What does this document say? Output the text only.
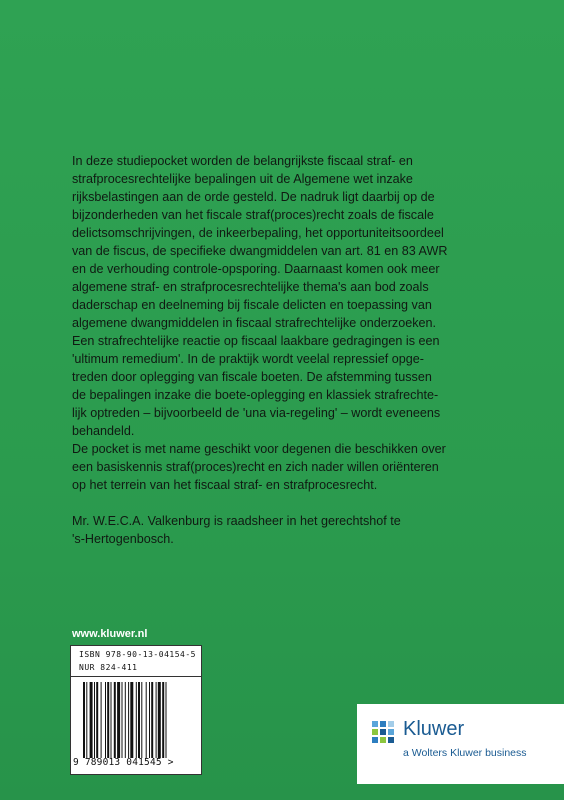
In deze studiepocket worden de belangrijkste fiscaal straf- en
strafprocesrechtelijke bepalingen uit de Algemene wet inzake
rijksbelastingen aan de orde gesteld. De nadruk ligt daarbij op de
bijzonderheden van het fiscale straf(proces)recht zoals de fiscale
delictsomschrijvingen, de inkeerbepaling, het opportuniteitsoordeel
van de fiscus, de specifieke dwangmiddelen van art. 81 en 83 AWR
en de verhouding controle-opsporing. Daarnaast komen ook meer
algemene straf- en strafprocesrechtelijke thema's aan bod zoals
daderschap en deelneming bij fiscale delicten en toepassing van
algemene dwangmiddelen in fiscaal strafrechtelijke onderzoeken.
Een strafrechtelijke reactie op fiscaal laakbare gedragingen is een
'ultimum remedium'. In de praktijk wordt veelal repressief opge-
treden door oplegging van fiscale boeten. De afstemming tussen
de bepalingen inzake die boete-oplegging en klassiek strafrechte-
lijk optreden – bijvoorbeeld de 'una via-regeling' – wordt eveneens
behandeld.
De pocket is met name geschikt voor degenen die beschikken over
een basiskennis straf(proces)recht en zich nader willen oriënteren
op het terrein van het fiscaal straf- en strafprocesrecht.

Mr. W.E.C.A. Valkenburg is raadsheer in het gerechtshof te
's-Hertogenbosch.

www.kluwer.nl
ISBN 978-90-13-04154-5
NUR 824-411
9 789013 041545 >
Kluwer
a Wolters Kluwer business
